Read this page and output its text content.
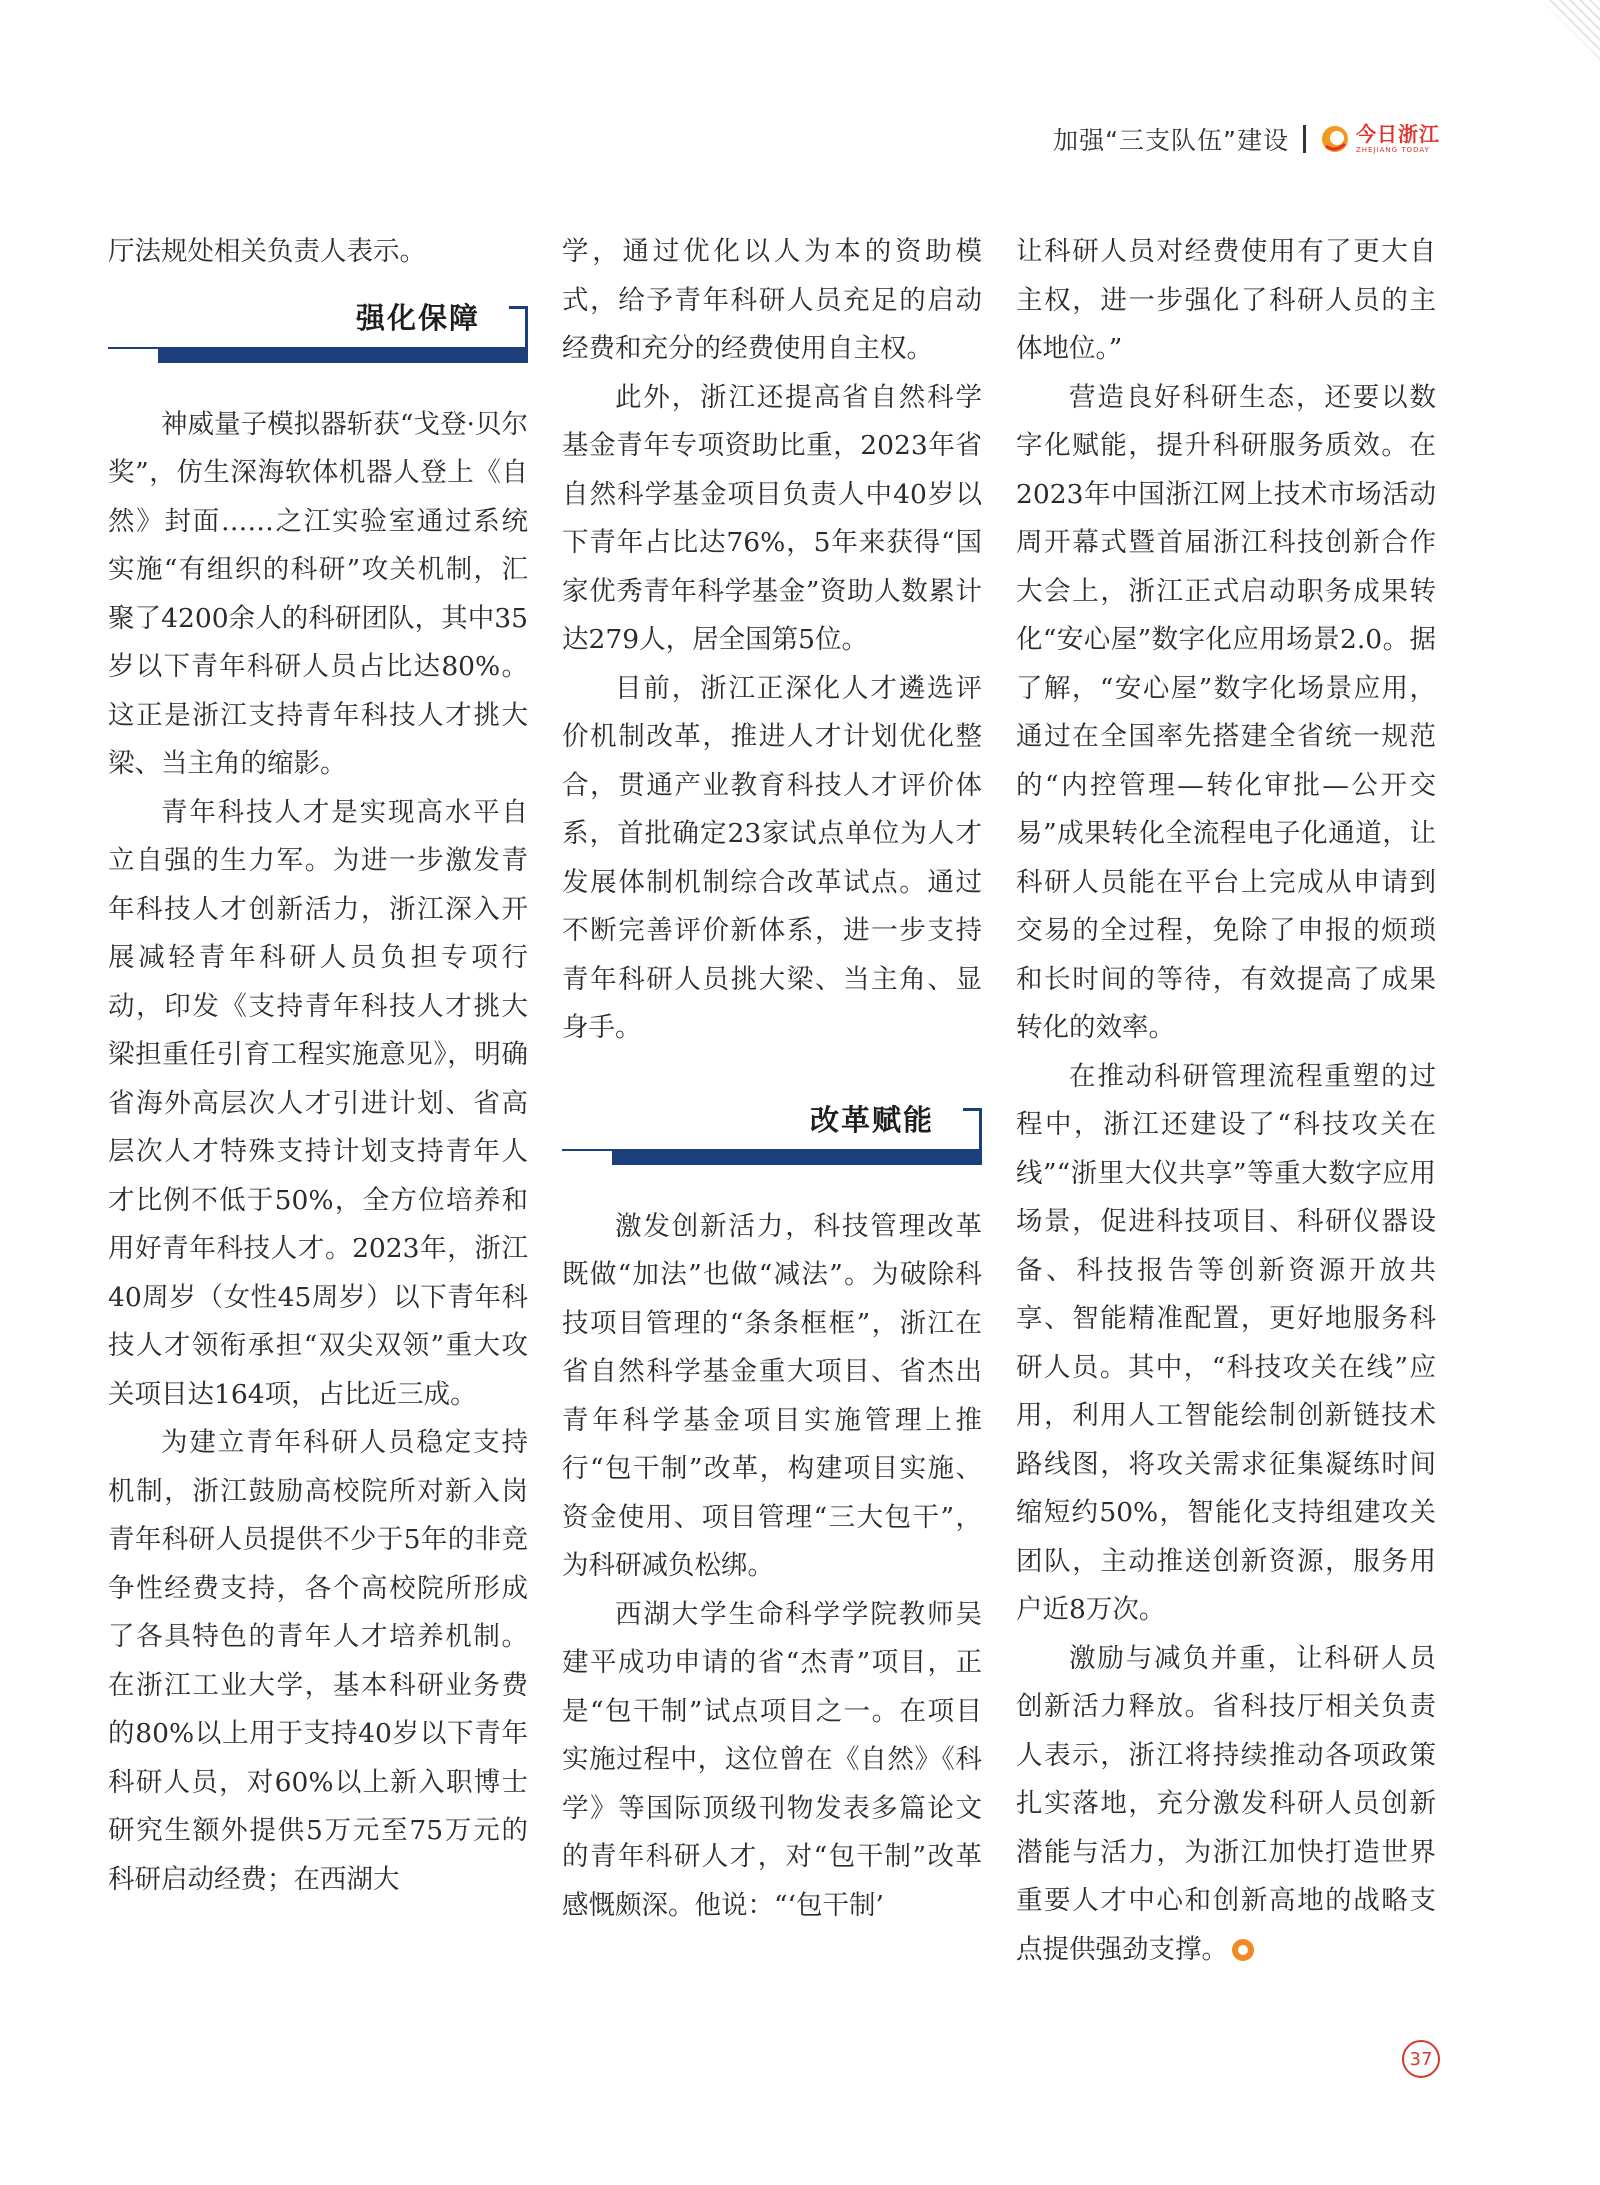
加强“三支队伍”建设	今日浙江
ZHEJIANG TODAY

厅法规处相关负责人表示。

强化保障

神威量子模拟器斩获“戈登·贝尔奖”，仿生深海软体机器人登上《自然》封面……之江实验室通过系统实施“有组织的科研”攻关机制，汇聚了4200余人的科研团队，其中35岁以下青年科研人员占比达80%。这正是浙江支持青年科技人才挑大梁、当主角的缩影。

青年科技人才是实现高水平自立自强的生力军。为进一步激发青年科技人才创新活力，浙江深入开展减轻青年科研人员负担专项行动，印发《支持青年科技人才挑大梁担重任引育工程实施意见》，明确省海外高层次人才引进计划、省高层次人才特殊支持计划支持青年人才比例不低于50%，全方位培养和用好青年科技人才。2023年，浙江40周岁（女性45周岁）以下青年科技人才领衔承担“双尖双领”重大攻关项目达164项，占比近三成。

为建立青年科研人员稳定支持机制，浙江鼓励高校院所对新入岗青年科研人员提供不少于5年的非竞争性经费支持，各个高校院所形成了各具特色的青年人才培养机制。在浙江工业大学，基本科研业务费的80%以上用于支持40岁以下青年科研人员，对60%以上新入职博士研究生额外提供5万元至75万元的科研启动经费；在西湖大

学，通过优化以人为本的资助模式，给予青年科研人员充足的启动经费和充分的经费使用自主权。

此外，浙江还提高省自然科学基金青年专项资助比重，2023年省自然科学基金项目负责人中40岁以下青年占比达76%，5年来获得“国家优秀青年科学基金”资助人数累计达279人，居全国第5位。

目前，浙江正深化人才遴选评价机制改革，推进人才计划优化整合，贯通产业教育科技人才评价体系，首批确定23家试点单位为人才发展体制机制综合改革试点。通过不断完善评价新体系，进一步支持青年科研人员挑大梁、当主角、显身手。

改革赋能

激发创新活力，科技管理改革既做“加法”也做“减法”。为破除科技项目管理的“条条框框”，浙江在省自然科学基金重大项目、省杰出青年科学基金项目实施管理上推行“包干制”改革，构建项目实施、资金使用、项目管理“三大包干”，为科研减负松绑。

西湖大学生命科学学院教师吴建平成功申请的省“杰青”项目，正是“包干制”试点项目之一。在项目实施过程中，这位曾在《自然》《科学》等国际顶级刊物发表多篇论文的青年科研人才，对“包干制”改革感慨颇深。他说：“‘包干制’

让科研人员对经费使用有了更大自主权，进一步强化了科研人员的主体地位。”

营造良好科研生态，还要以数字化赋能，提升科研服务质效。在2023年中国浙江网上技术市场活动周开幕式暨首届浙江科技创新合作大会上，浙江正式启动职务成果转化“安心屋”数字化应用场景2.0。据了解，“安心屋”数字化场景应用，通过在全国率先搭建全省统一规范的“内控管理—转化审批—公开交易”成果转化全流程电子化通道，让科研人员能在平台上完成从申请到交易的全过程，免除了申报的烦琐和长时间的等待，有效提高了成果转化的效率。

在推动科研管理流程重塑的过程中，浙江还建设了“科技攻关在线”“浙里大仪共享”等重大数字应用场景，促进科技项目、科研仪器设备、科技报告等创新资源开放共享、智能精准配置，更好地服务科研人员。其中，“科技攻关在线”应用，利用人工智能绘制创新链技术路线图，将攻关需求征集凝练时间缩短约50%，智能化支持组建攻关团队，主动推送创新资源，服务用户近8万次。

激励与减负并重，让科研人员创新活力释放。省科技厅相关负责人表示，浙江将持续推动各项政策扎实落地，充分激发科研人员创新潜能与活力，为浙江加快打造世界重要人才中心和创新高地的战略支点提供强劲支撑。

37
